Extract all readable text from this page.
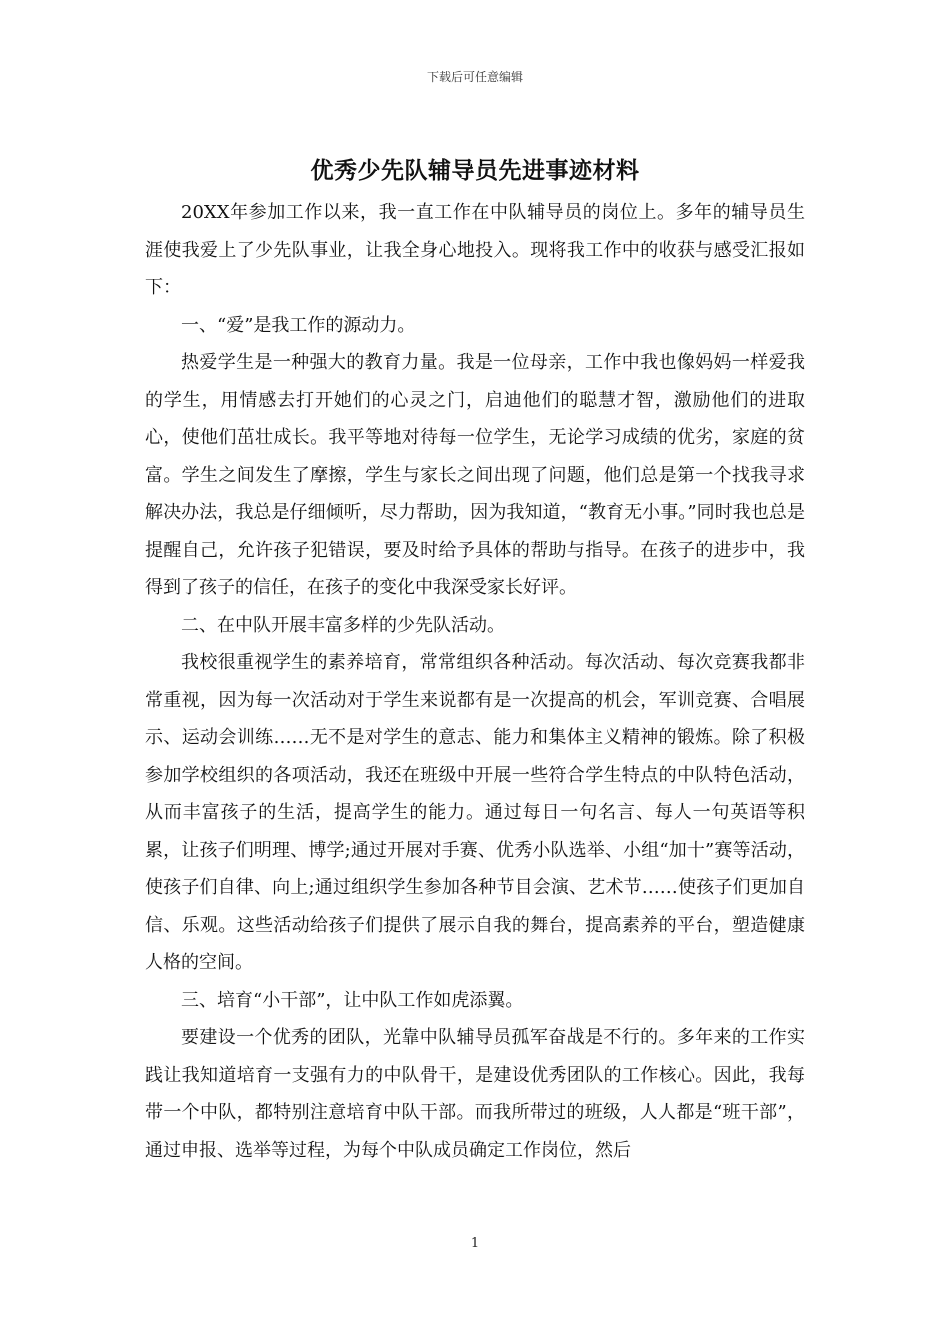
下载后可任意编辑
优秀少先队辅导员先进事迹材料

20XX年参加工作以来，我一直工作在中队辅导员的岗位上。多年的辅导员生涯使我爱上了少先队事业，让我全身心地投入。现将我工作中的收获与感受汇报如下：

一、“爱”是我工作的源动力。

热爱学生是一种强大的教育力量。我是一位母亲，工作中我也像妈妈一样爱我的学生，用情感去打开她们的心灵之门，启迪他们的聪慧才智，激励他们的进取心，使他们茁壮成长。我平等地对待每一位学生，无论学习成绩的优劣，家庭的贫富。学生之间发生了摩擦，学生与家长之间出现了问题，他们总是第一个找我寻求解决办法，我总是仔细倾听，尽力帮助，因为我知道，“教育无小事。”同时我也总是提醒自己，允许孩子犯错误，要及时给予具体的帮助与指导。在孩子的进步中，我得到了孩子的信任，在孩子的变化中我深受家长好评。

二、在中队开展丰富多样的少先队活动。

我校很重视学生的素养培育，常常组织各种活动。每次活动、每次竞赛我都非常重视，因为每一次活动对于学生来说都有是一次提高的机会，军训竞赛、合唱展示、运动会训练……无不是对学生的意志、能力和集体主义精神的锻炼。除了积极参加学校组织的各项活动，我还在班级中开展一些符合学生特点的中队特色活动，从而丰富孩子的生活，提高学生的能力。通过每日一句名言、每人一句英语等积累，让孩子们明理、博学;通过开展对手赛、优秀小队选举、小组“加十”赛等活动，使孩子们自律、向上;通过组织学生参加各种节目会演、艺术节……使孩子们更加自信、乐观。这些活动给孩子们提供了展示自我的舞台，提高素养的平台，塑造健康人格的空间。

三、培育“小干部”，让中队工作如虎添翼。

要建设一个优秀的团队，光靠中队辅导员孤军奋战是不行的。多年来的工作实践让我知道培育一支强有力的中队骨干，是建设优秀团队的工作核心。因此，我每带一个中队，都特别注意培育中队干部。而我所带过的班级，人人都是“班干部”，通过申报、选举等过程，为每个中队成员确定工作岗位，然后

1
